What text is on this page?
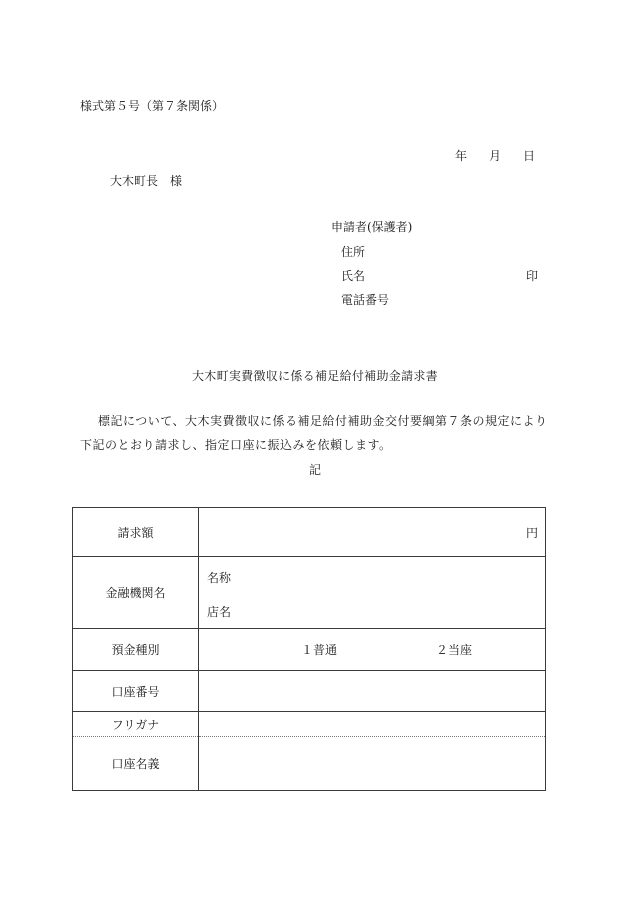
様式第５号（第７条関係）
年 月 日
大木町長　様
申請者(保護者)
住所
氏名	印
電話番号
大木町実費徴収に係る補足給付補助金請求書
標記について、大木実費徴収に係る補足給付補助金交付要綱第７条の規定により
下記のとおり請求し、指定口座に振込みを依頼します。
記
請求額	円
金融機関名	名称
店名

預金種別	１普通 ２当座

口座番号	
フリガナ	
口座名義	
